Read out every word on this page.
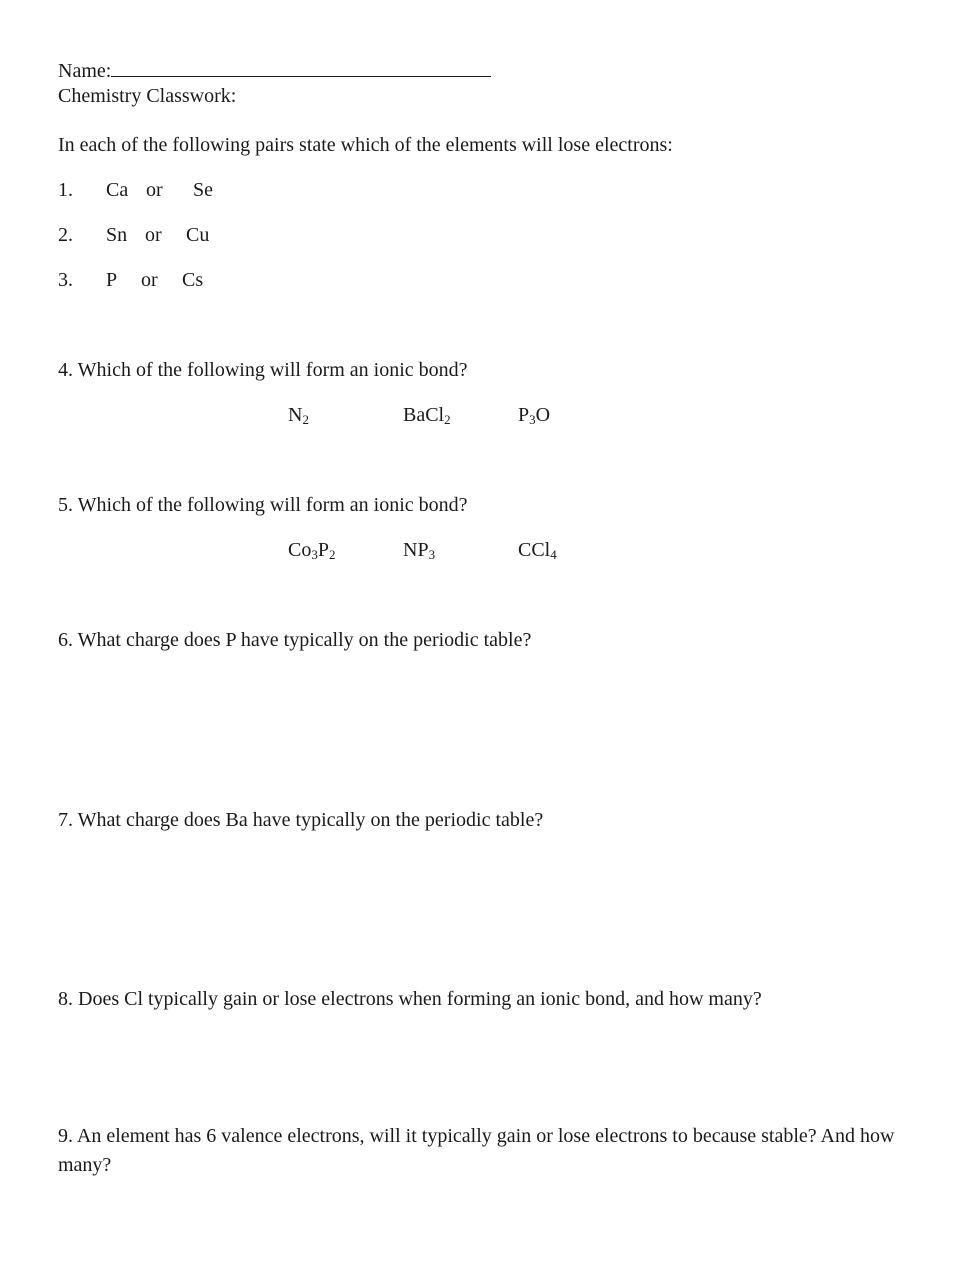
Name:
Chemistry Classwork:
In each of the following pairs state which of the elements will lose electrons:
1. Ca or Se
2. Sn or Cu
3. P or Cs
4. Which of the following will form an ionic bond?
$N_2$	BaCl$_2$	$P_3O$
5. Which of the following will form an ionic bond?
$Co_3P_2$	$NP_3$	CCl$_4$
6. What charge does P have typically on the periodic table?
7. What charge does Ba have typically on the periodic table?
8. Does Cl typically gain or lose electrons when forming an ionic bond, and how many?
9. An element has 6 valence electrons, will it typically gain or lose electrons to because stable? And how many?
